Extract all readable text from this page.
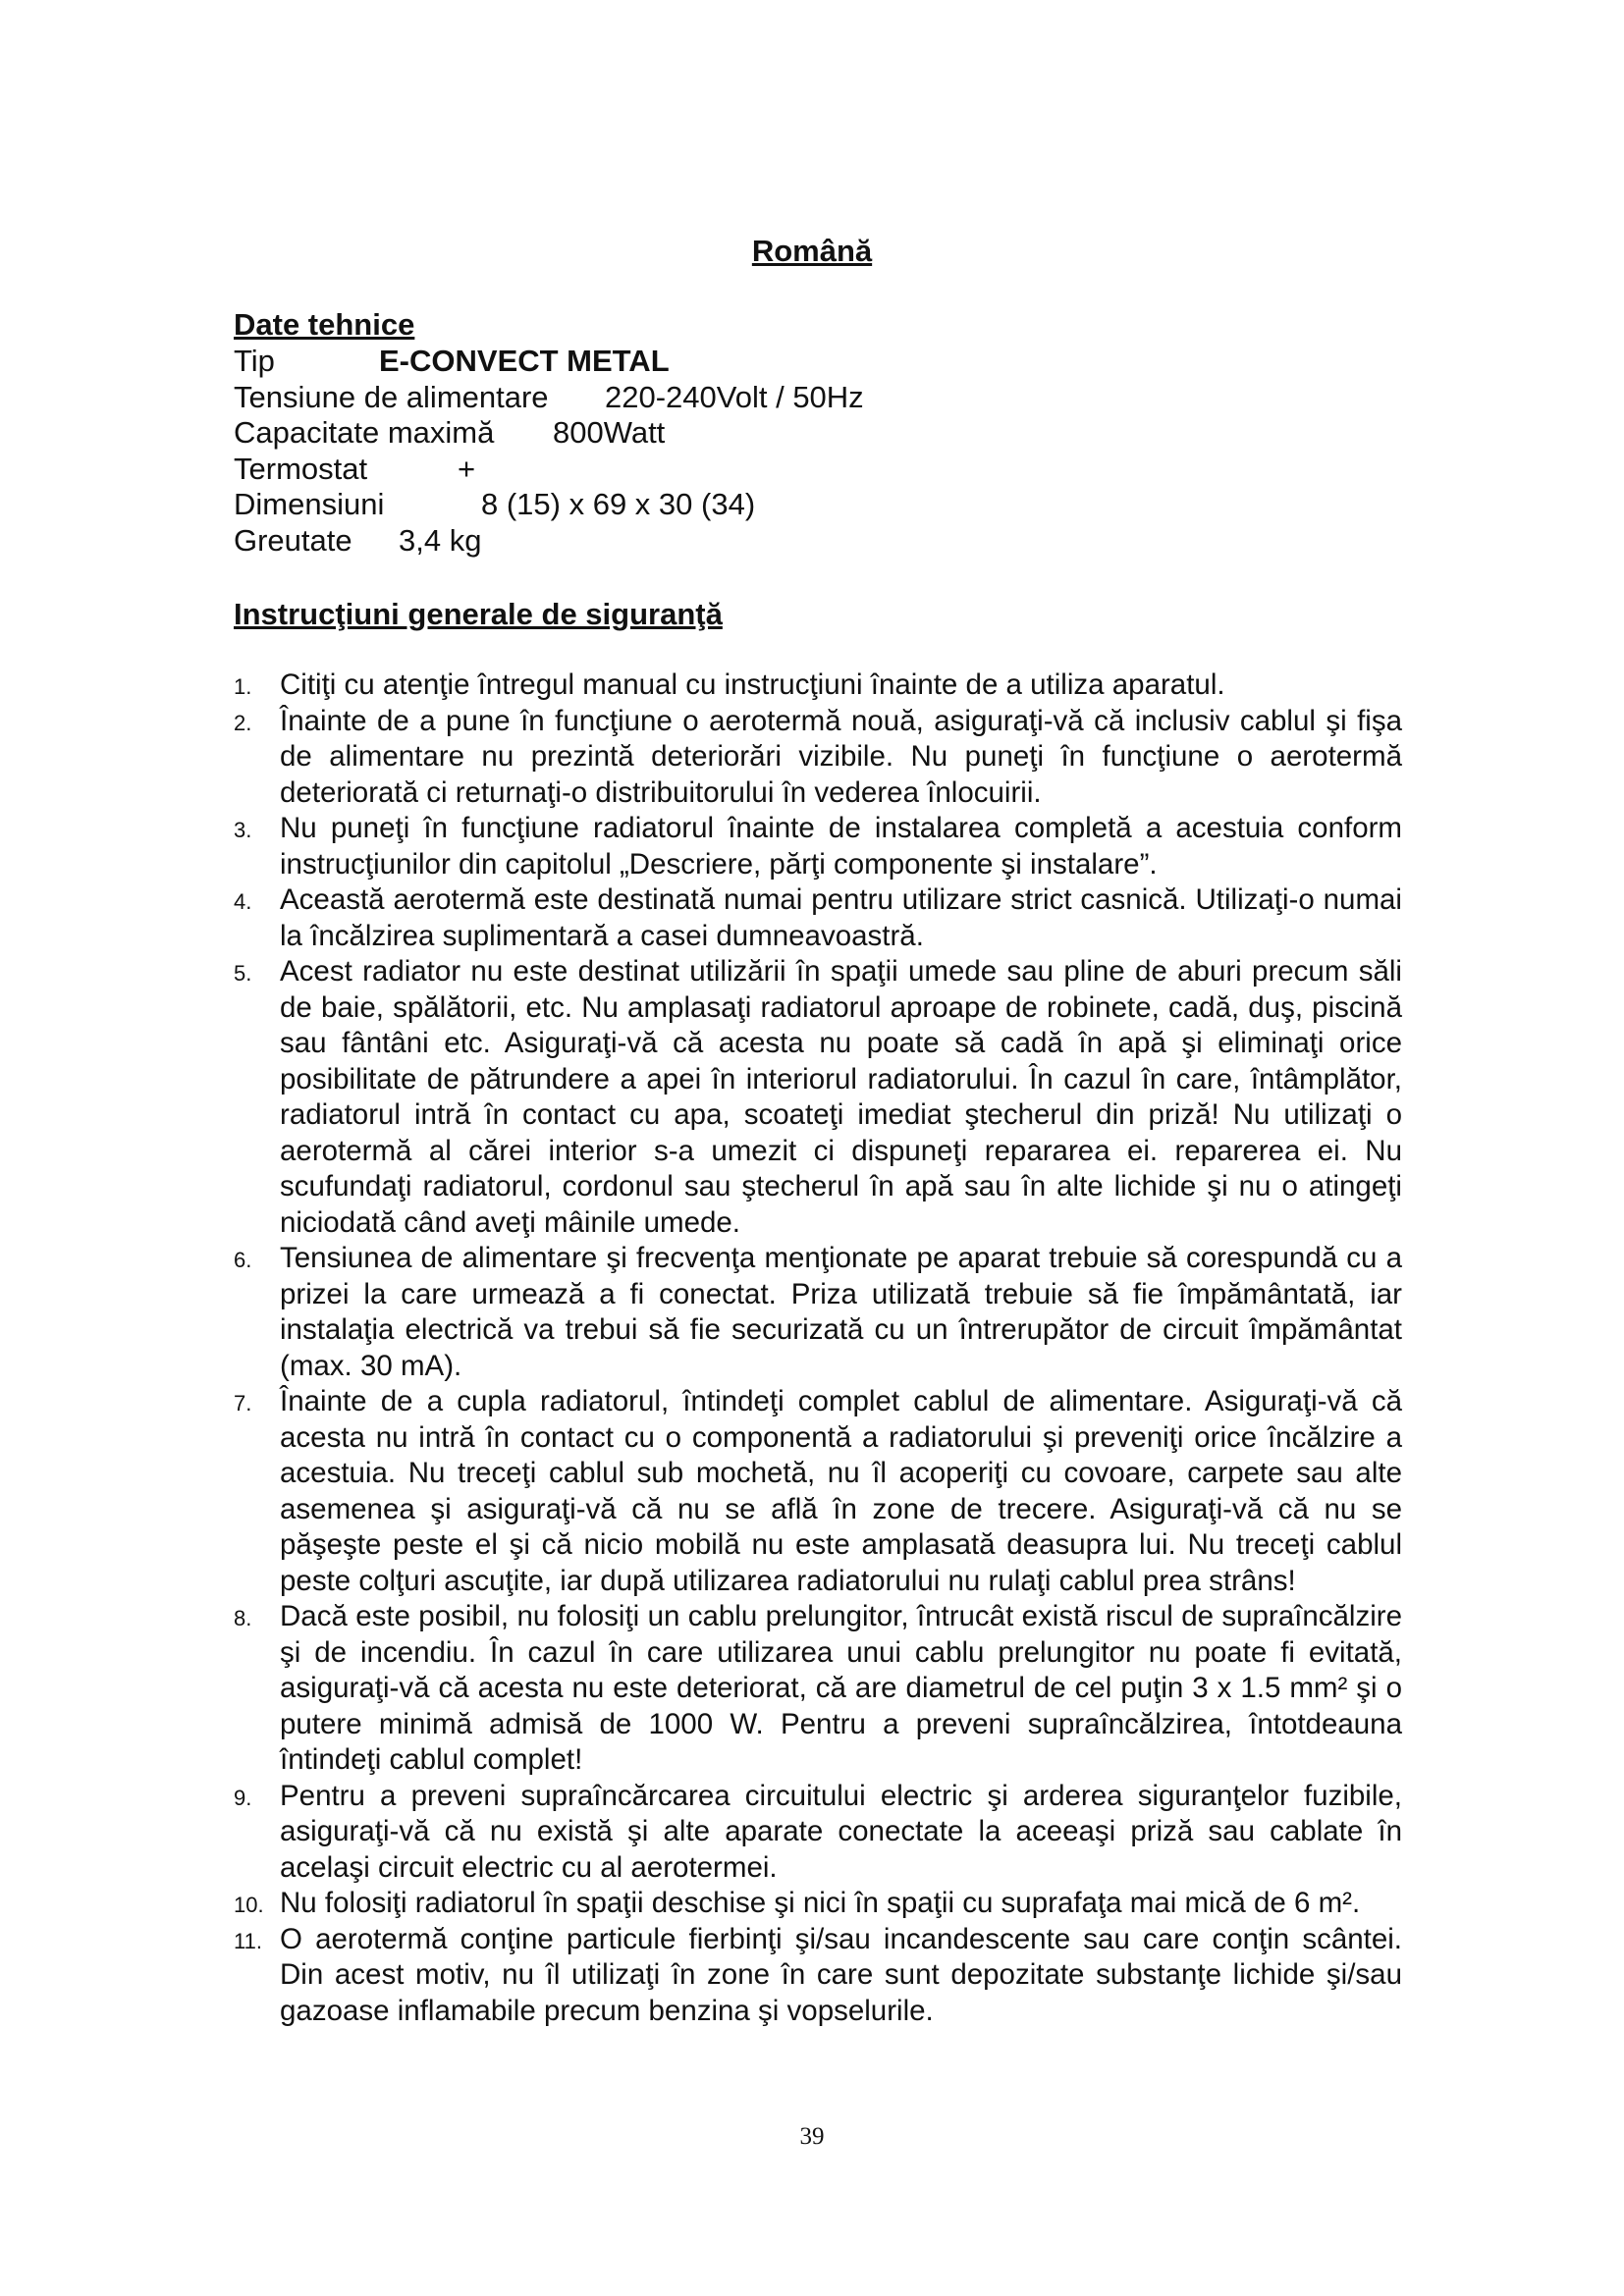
Română
Date tehnice
Tip	E-CONVECT METAL
Tensiune de alimentare 220-240Volt / 50Hz
Capacitate maximă 800Watt
Termostat	+
Dimensiuni	8 (15) x 69 x 30 (34)
Greutate 3,4 kg
Instrucţiuni generale de siguranţă
1. Citiţi cu atenţie întregul manual cu instrucţiuni înainte de a utiliza aparatul.

2. Înainte de a pune în funcţiune o aerotermă nouă, asiguraţi-vă că inclusiv cablul şi fişa de alimentare nu prezintă deteriorări vizibile. Nu puneţi în funcţiune o aerotermă deteriorată ci returnaţi-o distribuitorului în vederea înlocuirii.

3. Nu puneţi în funcţiune radiatorul înainte de instalarea completă a acestuia conform instrucţiunilor din capitolul „Descriere, părţi componente şi instalare”.

4. Această aerotermă este destinată numai pentru utilizare strict casnică. Utilizaţi-o numai la încălzirea suplimentară a casei dumneavoastră.

5. Acest radiator nu este destinat utilizării în spaţii umede sau pline de aburi precum săli de baie, spălătorii, etc. Nu amplasaţi radiatorul aproape de robinete, cadă, duş, piscină sau fântâni etc. Asiguraţi-vă că acesta nu poate să cadă în apă şi eliminaţi orice posibilitate de pătrundere a apei în interiorul radiatorului. În cazul în care, întâmplător, radiatorul intră în contact cu apa, scoateţi imediat ştecherul din priză! Nu utilizaţi o aerotermă al cărei interior s-a umezit ci dispuneţi repararea ei. reparerea ei. Nu scufundaţi radiatorul, cordonul sau ştecherul în apă sau în alte lichide şi nu o atingeţi niciodată când aveţi mâinile umede.

6. Tensiunea de alimentare şi frecvenţa menţionate pe aparat trebuie să corespundă cu a prizei la care urmează a fi conectat. Priza utilizată trebuie să fie împământată, iar instalaţia electrică va trebui să fie securizată cu un întrerupător de circuit împământat (max. 30 mA).

7. Înainte de a cupla radiatorul, întindeţi complet cablul de alimentare. Asiguraţi-vă că acesta nu intră în contact cu o componentă a radiatorului şi preveniţi orice încălzire a acestuia. Nu treceţi cablul sub mochetă, nu îl acoperiţi cu covoare, carpete sau alte asemenea şi asiguraţi-vă că nu se află în zone de trecere. Asiguraţi-vă că nu se păşeşte peste el şi că nicio mobilă nu este amplasată deasupra lui. Nu treceţi cablul peste colţuri ascuţite, iar după utilizarea radiatorului nu rulaţi cablul prea strâns!

8. Dacă este posibil, nu folosiţi un cablu prelungitor, întrucât există riscul de supraîncălzire şi de incendiu. În cazul în care utilizarea unui cablu prelungitor nu poate fi evitată, asiguraţi-vă că acesta nu este deteriorat, că are diametrul de cel puţin 3 x 1.5 mm² şi o putere minimă admisă de 1000 W. Pentru a preveni supraîncălzirea, întotdeauna întindeţi cablul complet!

9. Pentru a preveni supraîncărcarea circuitului electric şi arderea siguranţelor fuzibile, asiguraţi-vă că nu există şi alte aparate conectate la aceeaşi priză sau cablate în acelaşi circuit electric cu al aerotermei.

10. Nu folosiţi radiatorul în spaţii deschise şi nici în spaţii cu suprafaţa mai mică de 6 m².

11. O aerotermă conţine particule fierbinţi şi/sau incandescente sau care conţin scântei. Din acest motiv, nu îl utilizaţi în zone în care sunt depozitate substanţe lichide şi/sau gazoase inflamabile precum benzina şi vopselurile.

39
